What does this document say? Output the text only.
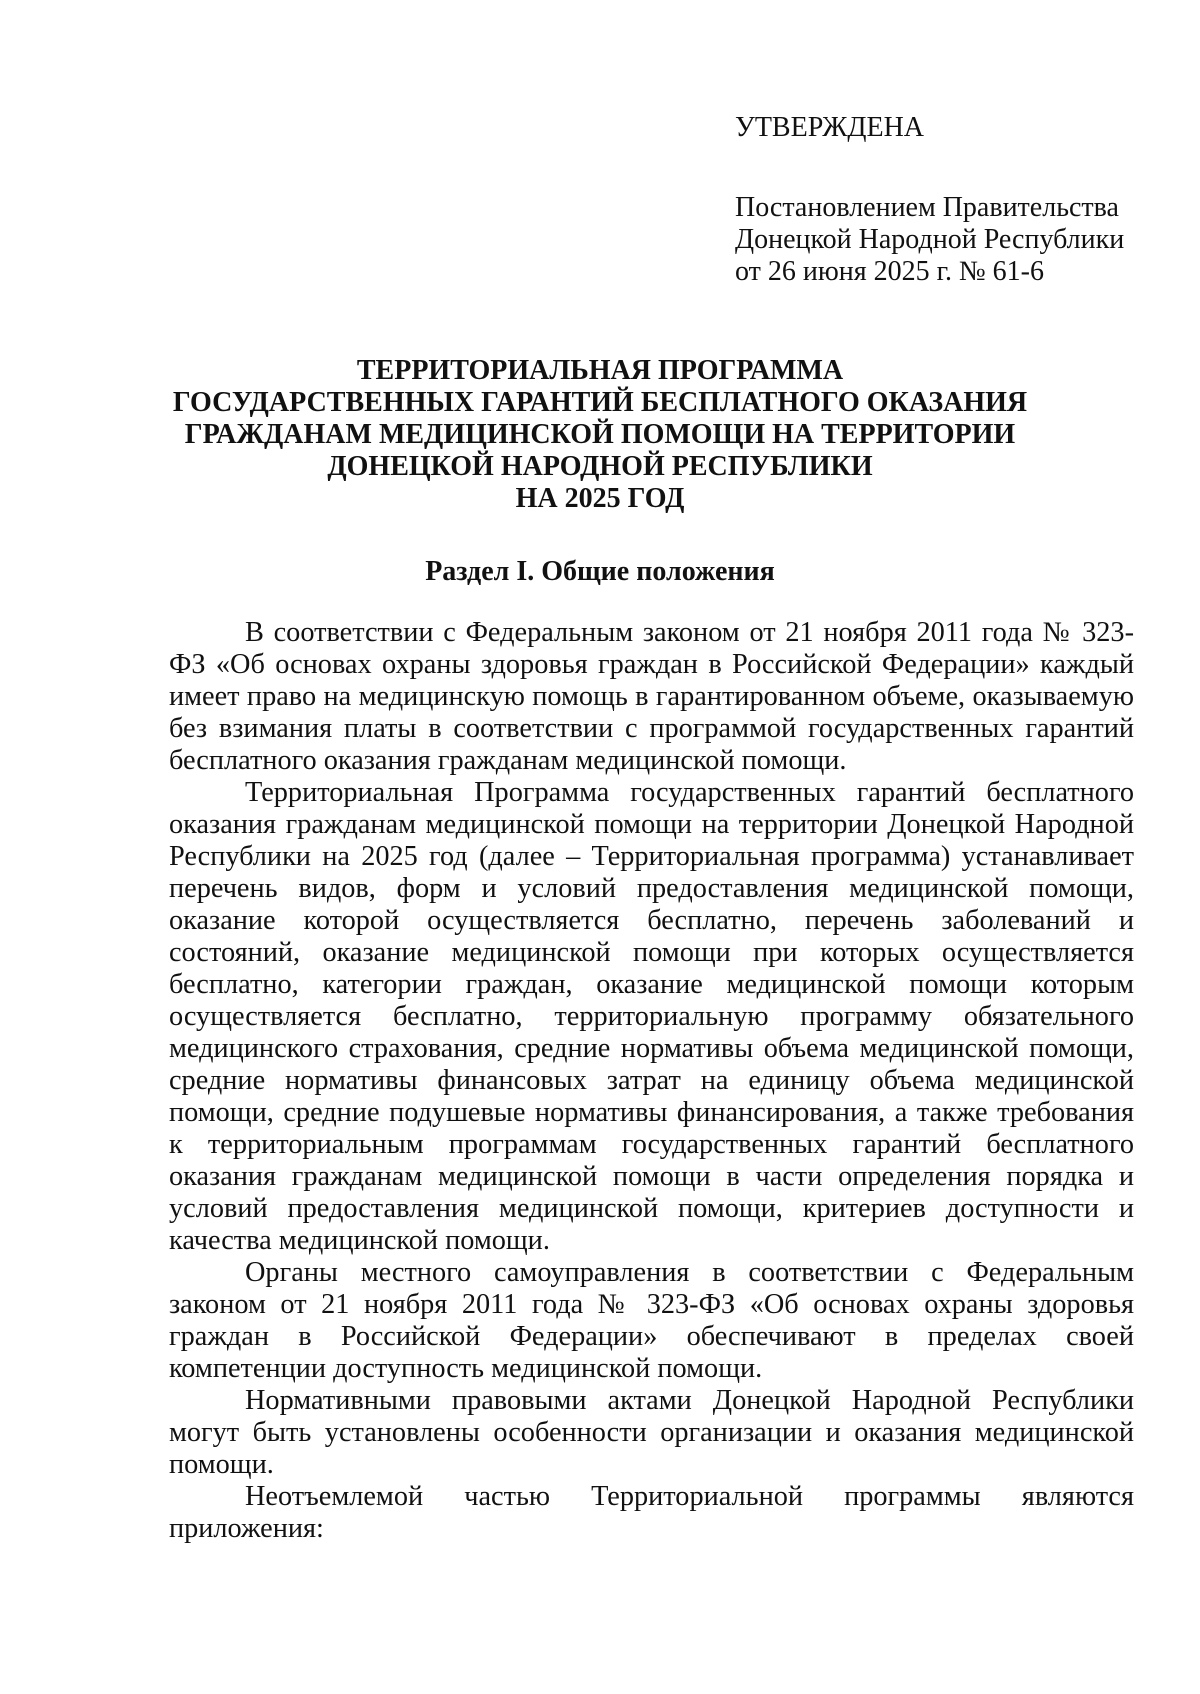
УТВЕРЖДЕНА
Постановлением Правительства
Донецкой Народной Республики
от 26 июня 2025 г. № 61-6
ТЕРРИТОРИАЛЬНАЯ ПРОГРАММА
ГОСУДАРСТВЕННЫХ ГАРАНТИЙ БЕСПЛАТНОГО ОКАЗАНИЯ
ГРАЖДАНАМ МЕДИЦИНСКОЙ ПОМОЩИ НА ТЕРРИТОРИИ
ДОНЕЦКОЙ НАРОДНОЙ РЕСПУБЛИКИ
НА 2025 ГОД
Раздел I. Общие положения

В соответствии с Федеральным законом от 21 ноября 2011 года № 323-ФЗ «Об основах охраны здоровья граждан в Российской Федерации» каждый имеет право на медицинскую помощь в гарантированном объеме, оказываемую без взимания платы в соответствии с программой государственных гарантий бесплатного оказания гражданам медицинской помощи.

Территориальная Программа государственных гарантий бесплатного оказания гражданам медицинской помощи на территории Донецкой Народной Республики на 2025 год (далее – Территориальная программа) устанавливает перечень видов, форм и условий предоставления медицинской помощи, оказание которой осуществляется бесплатно, перечень заболеваний и состояний, оказание медицинской помощи при которых осуществляется бесплатно, категории граждан, оказание медицинской помощи которым осуществляется бесплатно, территориальную программу обязательного медицинского страхования, средние нормативы объема медицинской помощи, средние нормативы финансовых затрат на единицу объема медицинской помощи, средние подушевые нормативы финансирования, а также требования к территориальным программам государственных гарантий бесплатного оказания гражданам медицинской помощи в части определения порядка и условий предоставления медицинской помощи, критериев доступности и качества медицинской помощи.

Органы местного самоуправления в соответствии с Федеральным законом от 21 ноября 2011 года № 323-ФЗ «Об основах охраны здоровья граждан в Российской Федерации» обеспечивают в пределах своей компетенции доступность медицинской помощи.

Нормативными правовыми актами Донецкой Народной Республики могут быть установлены особенности организации и оказания медицинской помощи.

Неотъемлемой частью Территориальной программы являются приложения:
